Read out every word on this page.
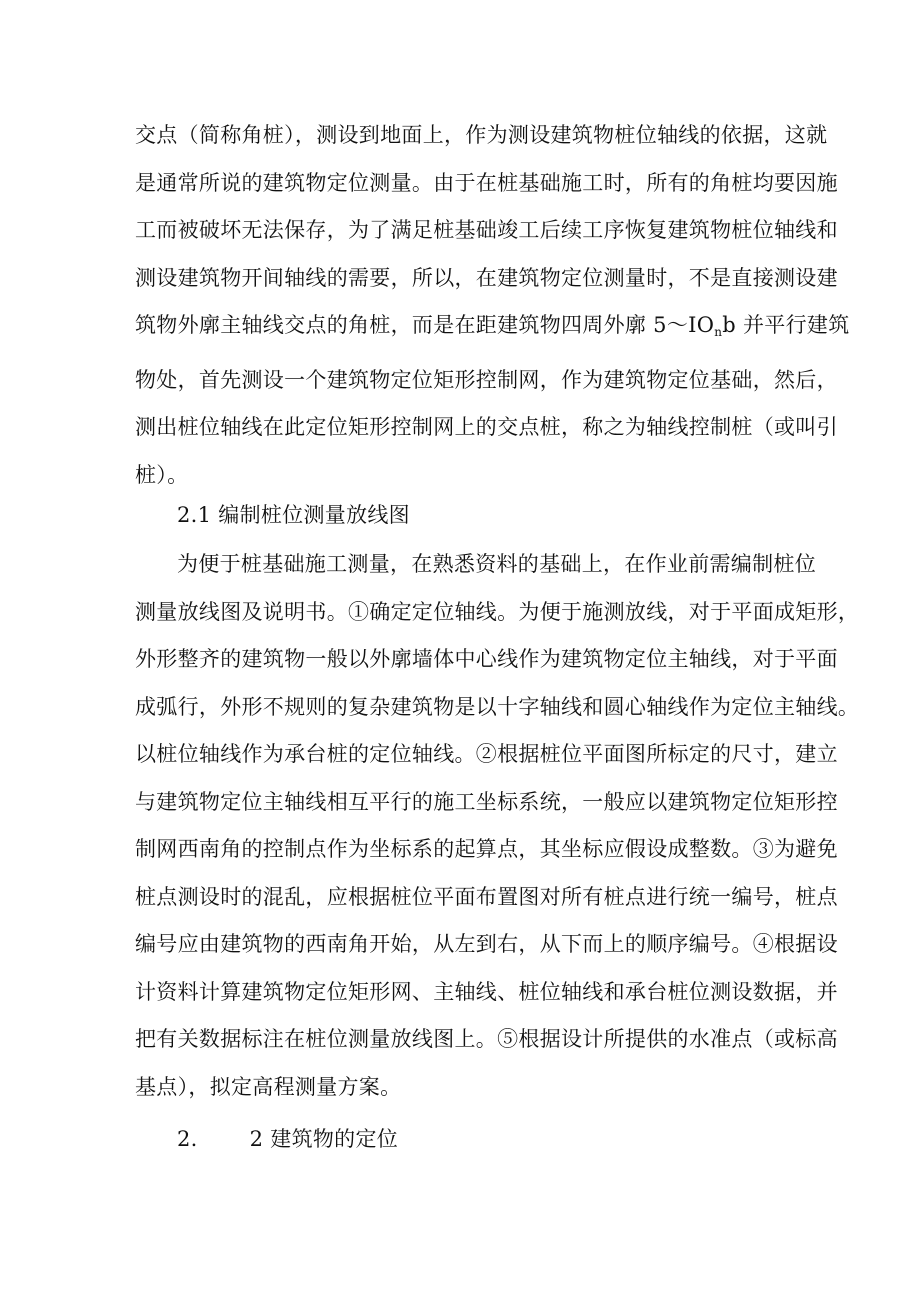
交点（简称角桩），测设到地面上，作为测设建筑物桩位轴线的依据，这就
是通常所说的建筑物定位测量。由于在桩基础施工时，所有的角桩均要因施
工而被破坏无法保存，为了满足桩基础竣工后续工序恢复建筑物桩位轴线和
测设建筑物开间轴线的需要，所以，在建筑物定位测量时，不是直接测设建
筑物外廓主轴线交点的角桩，而是在距建筑物四周外廓 $5\sim IO_nb$ 并平行建筑
物处，首先测设一个建筑物定位矩形控制网，作为建筑物定位基础，然后，
测出桩位轴线在此定位矩形控制网上的交点桩，称之为轴线控制桩（或叫引
桩）。

2.1 编制桩位测量放线图

为便于桩基础施工测量，在熟悉资料的基础上，在作业前需编制桩位
测量放线图及说明书。①确定定位轴线。为便于施测放线，对于平面成矩形，
外形整齐的建筑物一般以外廓墙体中心线作为建筑物定位主轴线，对于平面
成弧行，外形不规则的复杂建筑物是以十字轴线和圆心轴线作为定位主轴线。
以桩位轴线作为承台桩的定位轴线。②根据桩位平面图所标定的尺寸，建立
与建筑物定位主轴线相互平行的施工坐标系统，一般应以建筑物定位矩形控
制网西南角的控制点作为坐标系的起算点，其坐标应假设成整数。③为避免
桩点测设时的混乱，应根据桩位平面布置图对所有桩点进行统一编号，桩点
编号应由建筑物的西南角开始，从左到右，从下而上的顺序编号。④根据设
计资料计算建筑物定位矩形网、主轴线、桩位轴线和承台桩位测设数据，并
把有关数据标注在桩位测量放线图上。⑤根据设计所提供的水准点（或标高
基点），拟定高程测量方案。

2. 2 建筑物的定位
